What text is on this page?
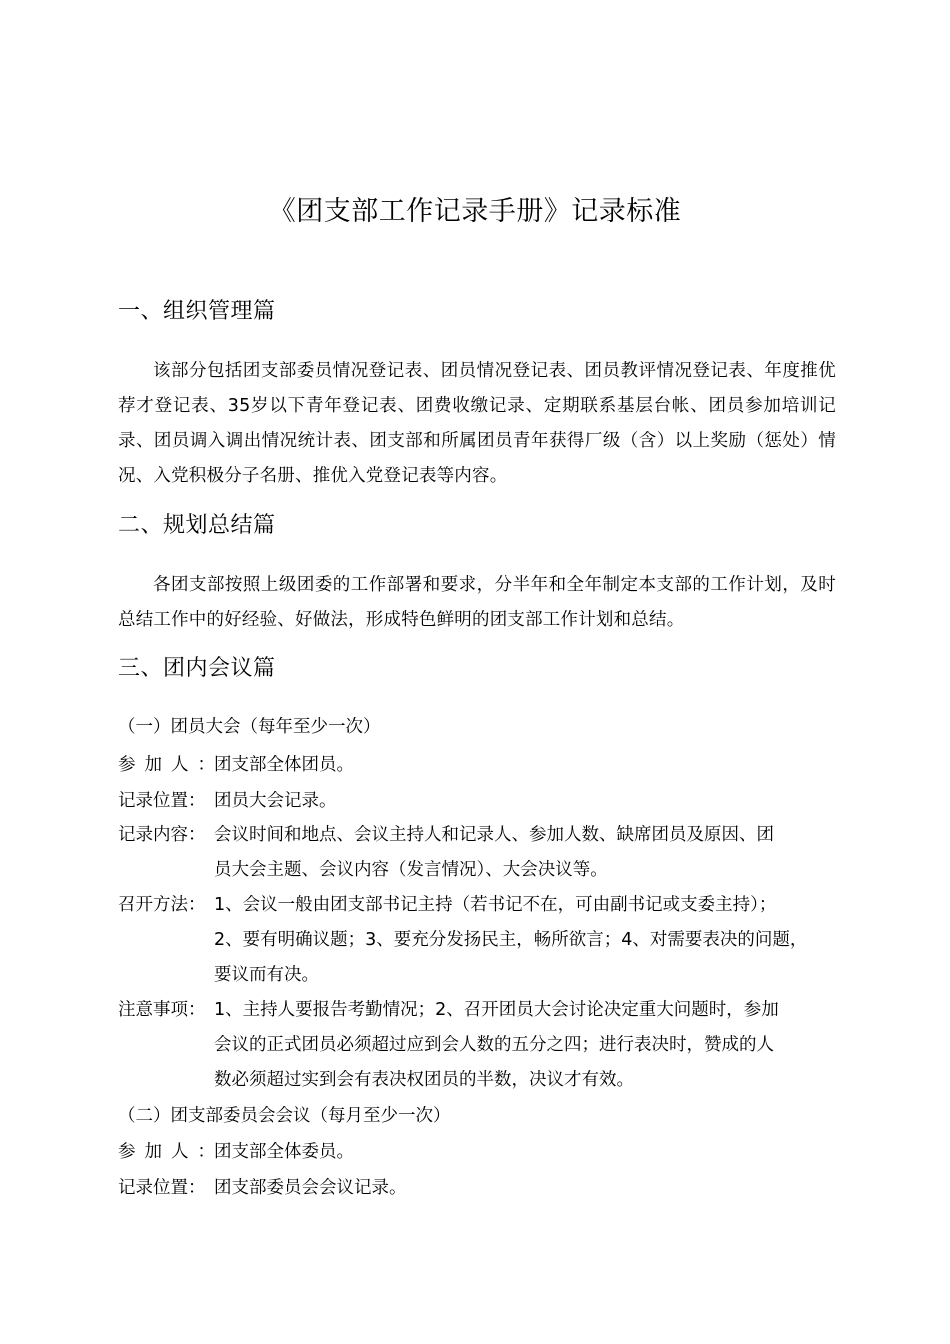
《团支部工作记录手册》记录标准
一、组织管理篇

该部分包括团支部委员情况登记表、团员情况登记表、团员教评情况登记表、年度推优荐才登记表、35岁以下青年登记表、团费收缴记录、定期联系基层台帐、团员参加培训记录、团员调入调出情况统计表、团支部和所属团员青年获得厂级（含）以上奖励（惩处）情况、入党积极分子名册、推优入党登记表等内容。

二、规划总结篇

各团支部按照上级团委的工作部署和要求，分半年和全年制定本支部的工作计划，及时总结工作中的好经验、好做法，形成特色鲜明的团支部工作计划和总结。

三、团内会议篇
（一）团员大会（每年至少一次）
参加人：
团支部全体团员。
记录位置： 团员大会记录。
记录内容： 会议时间和地点、会议主持人和记录人、参加人数、缺席团员及原因、团
员大会主题、会议内容（发言情况）、大会决议等。
召开方法： 1、会议一般由团支部书记主持（若书记不在，可由副书记或支委主持）；
2、要有明确议题；3、要充分发扬民主，畅所欲言；4、对需要表决的问题，
要议而有决。
注意事项： 1、主持人要报告考勤情况；2、召开团员大会讨论决定重大问题时，参加
会议的正式团员必须超过应到会人数的五分之四；进行表决时，赞成的人
数必须超过实到会有表决权团员的半数，决议才有效。
（二）团支部委员会会议（每月至少一次）
参加人：
团支部全体委员。
记录位置： 团支部委员会会议记录。
